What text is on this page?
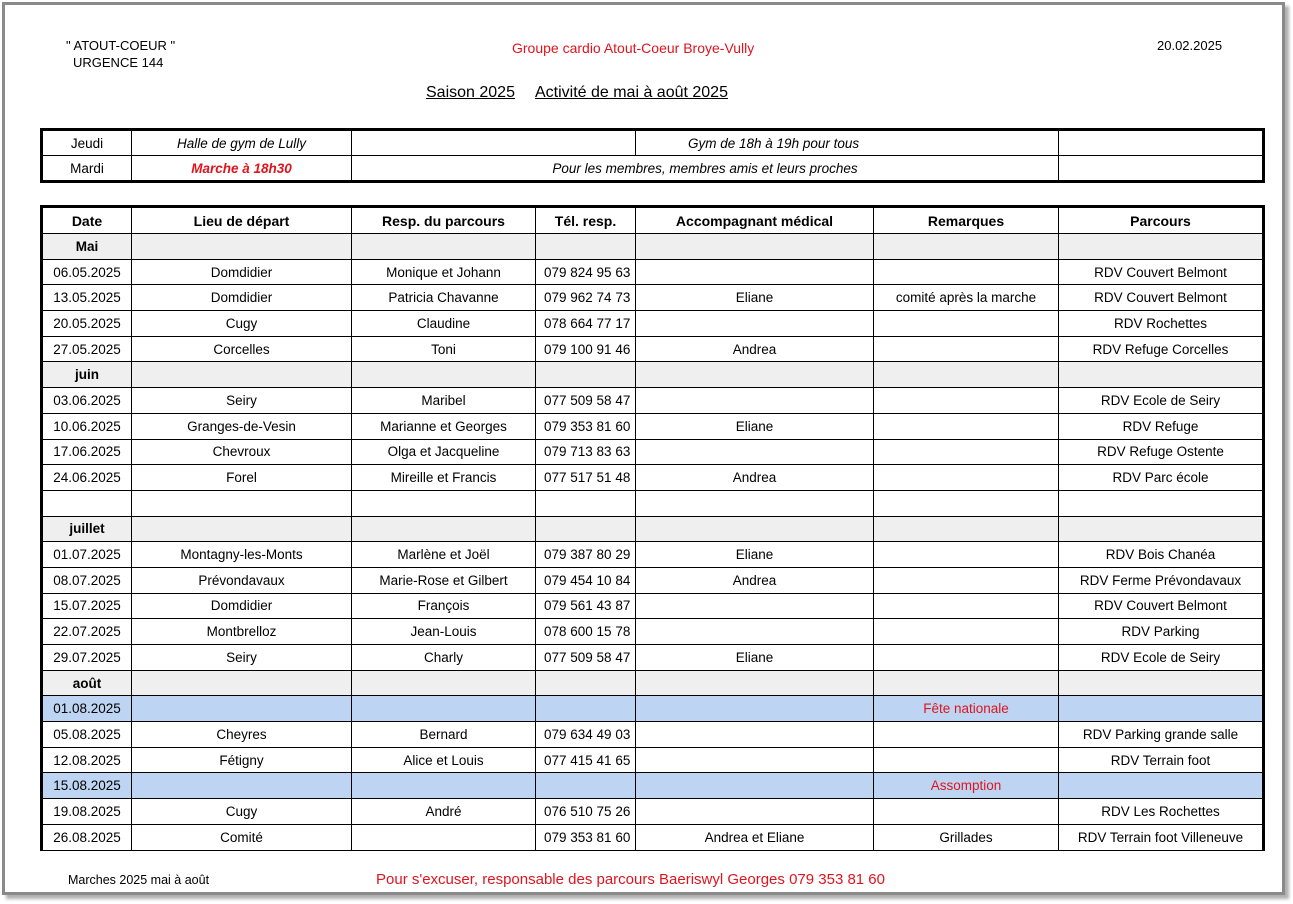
" ATOUT-COEUR "
URGENCE 144
Groupe cardio Atout-Coeur Broye-Vully	20.02.2025
Saison 2025 Activité de mai à août 2025
Jeudi	Halle de gym de Lully		Gym de 18h à 19h pour tous	
Mardi	Marche à 18h30	Pour les membres, membres amis et leurs proches		
Date	Lieu de départ	Resp. du parcours	Tél. resp.	Accompagnant médical	Remarques	Parcours
Mai						
06.05.2025	Domdidier	Monique et Johann	079 824 95 63			RDV Couvert Belmont
13.05.2025	Domdidier	Patricia Chavanne	079 962 74 73	Eliane	comité après la marche	RDV Couvert Belmont
20.05.2025	Cugy	Claudine	078 664 77 17			RDV Rochettes
27.05.2025	Corcelles	Toni	079 100 91 46	Andrea		RDV Refuge Corcelles
juin						
03.06.2025	Seiry	Maribel	077 509 58 47			RDV Ecole de Seiry
10.06.2025	Granges-de-Vesin	Marianne et Georges	079 353 81 60	Eliane		RDV Refuge
17.06.2025	Chevroux	Olga et Jacqueline	079 713 83 63			RDV Refuge Ostente
24.06.2025	Forel	Mireille et Francis	077 517 51 48	Andrea		RDV Parc école

juillet						
01.07.2025	Montagny-les-Monts	Marlène et Joël	079 387 80 29	Eliane		RDV Bois Chanéa
08.07.2025	Prévondavaux	Marie-Rose et Gilbert	079 454 10 84	Andrea		RDV Ferme Prévondavaux
15.07.2025	Domdidier	François	079 561 43 87			RDV Couvert Belmont
22.07.2025	Montbrelloz	Jean-Louis	078 600 15 78			RDV Parking
29.07.2025	Seiry	Charly	077 509 58 47	Eliane		RDV Ecole de Seiry
août						
01.08.2025					Fête nationale	
05.08.2025	Cheyres	Bernard	079 634 49 03			RDV Parking grande salle
12.08.2025	Fétigny	Alice et Louis	077 415 41 65			RDV Terrain foot
15.08.2025					Assomption	
19.08.2025	Cugy	André	076 510 75 26			RDV Les Rochettes
26.08.2025	Comité		079 353 81 60	Andrea et Eliane	Grillades	RDV Terrain foot Villeneuve
Marches 2025 mai à août	Pour s'excuser, responsable des parcours Baeriswyl Georges 079 353 81 60
